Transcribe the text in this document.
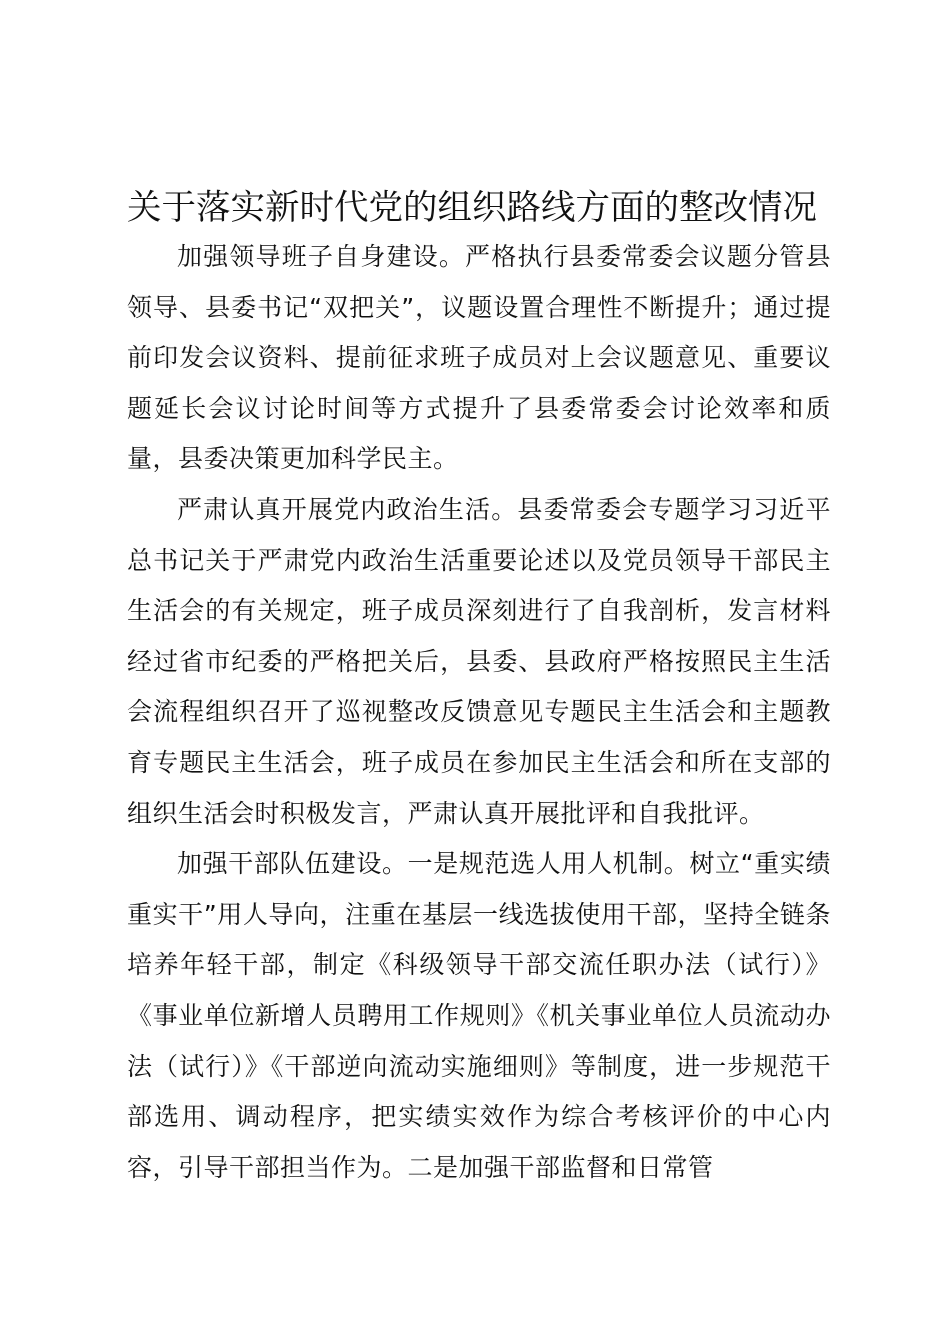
关于落实新时代党的组织路线方面的整改情况

加强领导班子自身建设。严格执行县委常委会议题分管县领导、县委书记“双把关”，议题设置合理性不断提升；通过提前印发会议资料、提前征求班子成员对上会议题意见、重要议题延长会议讨论时间等方式提升了县委常委会讨论效率和质量，县委决策更加科学民主。

严肃认真开展党内政治生活。县委常委会专题学习习近平总书记关于严肃党内政治生活重要论述以及党员领导干部民主生活会的有关规定，班子成员深刻进行了自我剖析，发言材料经过省市纪委的严格把关后，县委、县政府严格按照民主生活会流程组织召开了巡视整改反馈意见专题民主生活会和主题教育专题民主生活会，班子成员在参加民主生活会和所在支部的组织生活会时积极发言，严肃认真开展批评和自我批评。

加强干部队伍建设。一是规范选人用人机制。树立“重实绩重实干”用人导向，注重在基层一线选拔使用干部，坚持全链条培养年轻干部，制定《科级领导干部交流任职办法（试行）》《事业单位新增人员聘用工作规则》《机关事业单位人员流动办法（试行）》《干部逆向流动实施细则》等制度，进一步规范干部选用、调动程序，把实绩实效作为综合考核评价的中心内容，引导干部担当作为。二是加强干部监督和日常管
